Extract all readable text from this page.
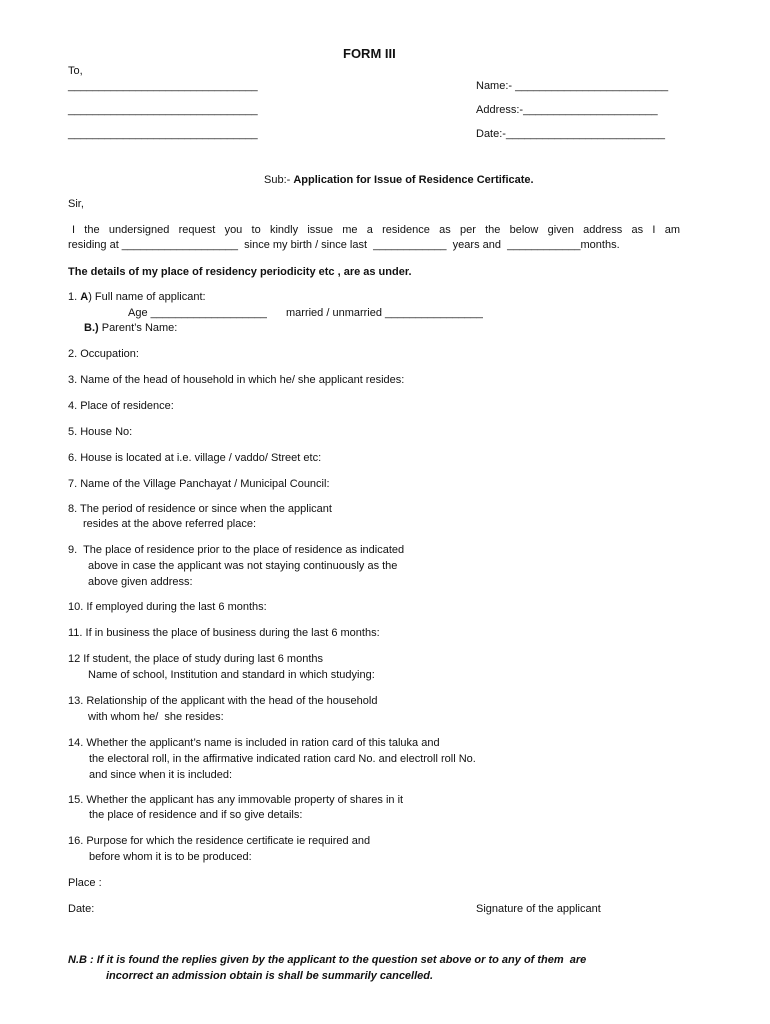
FORM III
To,
_______________________________
_______________________________
_______________________________
Name:- _________________________
Address:-______________________
Date:-__________________________
Sub:- Application for Issue of Residence Certificate.
Sir,
I the undersigned request you to kindly issue me a residence as per the below given address as I am
residing at ___________________  since my birth / since last  ____________  years and  ____________months.
The details of my place of residency periodicity etc , are as under.
1. A) Full name of applicant:
Age ___________________ married / unmarried ________________
B.) Parent’s Name:
2. Occupation:
3. Name of the head of household in which he/ she applicant resides:
4. Place of residence:
5. House No:
6. House is located at i.e. village / vaddo/ Street etc:
7. Name of the Village Panchayat / Municipal Council:
8. The period of residence or since when the applicant
resides at the above referred place:
9.  The place of residence prior to the place of residence as indicated
above in case the applicant was not staying continuously as the
above given address:
10. If employed during the last 6 months:
11. If in business the place of business during the last 6 months:
12 If student, the place of study during last 6 months
Name of school, Institution and standard in which studying:
13. Relationship of the applicant with the head of the household
with whom he/  she resides:
14. Whether the applicant’s name is included in ration card of this taluka and
the electoral roll, in the affirmative indicated ration card No. and electroll roll No.
and since when it is included:
15. Whether the applicant has any immovable property of shares in it
the place of residence and if so give details:
16. Purpose for which the residence certificate ie required and
before whom it is to be produced:
Place :
Date:	Signature of the applicant
N.B : If it is found the replies given by the applicant to the question set above or to any of them  are
incorrect an admission obtain is shall be summarily cancelled.
